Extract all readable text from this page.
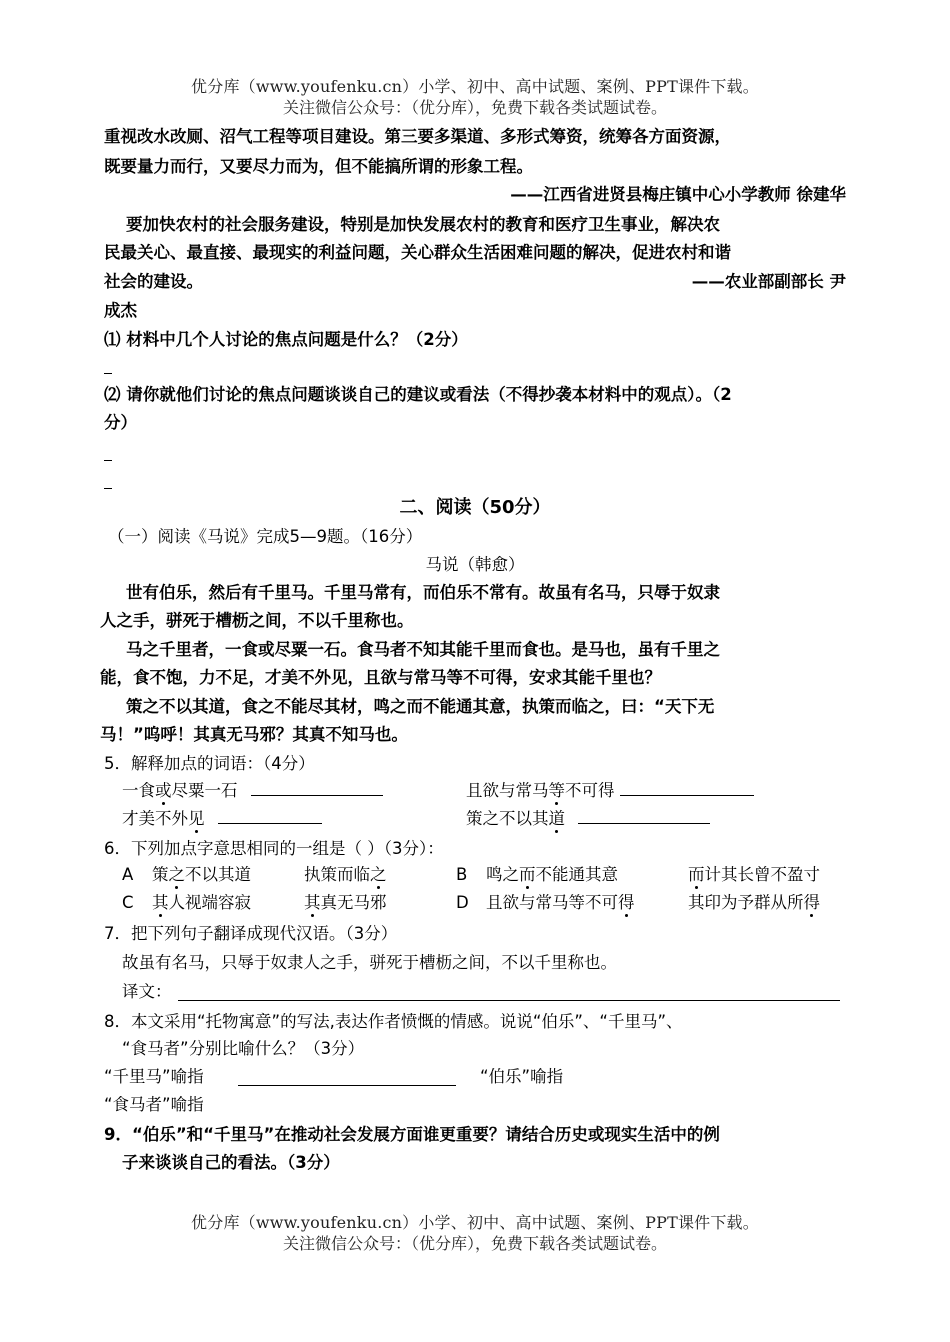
优分库（www.youfenku.cn）小学、初中、高中试题、案例、PPT课件下载。
关注微信公众号：（优分库），免费下载各类试题试卷。
重视改水改厕、沼气工程等项目建设。第三要多渠道、多形式筹资，统筹各方面资源，
既要量力而行，又要尽力而为，但不能搞所谓的形象工程。
——江西省进贤县梅庄镇中心小学教师 徐建华
要加快农村的社会服务建设，特别是加快发展农村的教育和医疗卫生事业，解决农
民最关心、最直接、最现实的利益问题，关心群众生活困难问题的解决，促进农村和谐
社会的建设。	——农业部副部长 尹
成杰
⑴ 材料中几个人讨论的焦点问题是什么？（2分）
⑵ 请你就他们讨论的焦点问题谈谈自己的建议或看法（不得抄袭本材料中的观点）。（2
分）
二、阅读（50分）
（一）阅读《马说》完成5—9题。（16分）
马说（韩愈）
世有伯乐，然后有千里马。千里马常有，而伯乐不常有。故虽有名马，只辱于奴隶
人之手，骈死于槽枥之间，不以千里称也。
马之千里者，一食或尽粟一石。食马者不知其能千里而食也。是马也，虽有千里之
能，食不饱，力不足，才美不外见，且欲与常马等不可得，安求其能千里也？
策之不以其道，食之不能尽其材，鸣之而不能通其意，执策而临之，曰：“天下无
马！”呜呼！其真无马邪？其真不知马也。
5．解释加点的词语：（4分）
一食或尽粟一石	且欲与常马等不可得
才美不外见	策之不以其道
6．下列加点字意思相同的一组是（ ）（3分）：
A 策之不以其道	执策而临之	B 鸣之而不能通其意	而计其长曾不盈寸
C 其人视端容寂	其真无马邪	D 且欲与常马等不可得	其印为予群从所得
7．把下列句子翻译成现代汉语。（3分）
故虽有名马，只辱于奴隶人之手，骈死于槽枥之间，不以千里称也。
译文：
8．本文采用“托物寓意”的写法,表达作者愤慨的情感。说说“伯乐”、“千里马”、
“食马者”分别比喻什么？（3分）
“千里马”喻指	“伯乐”喻指
“食马者”喻指
9．“伯乐”和“千里马”在推动社会发展方面谁更重要？请结合历史或现实生活中的例
子来谈谈自己的看法。（3分）
优分库（www.youfenku.cn）小学、初中、高中试题、案例、PPT课件下载。
关注微信公众号：（优分库），免费下载各类试题试卷。
